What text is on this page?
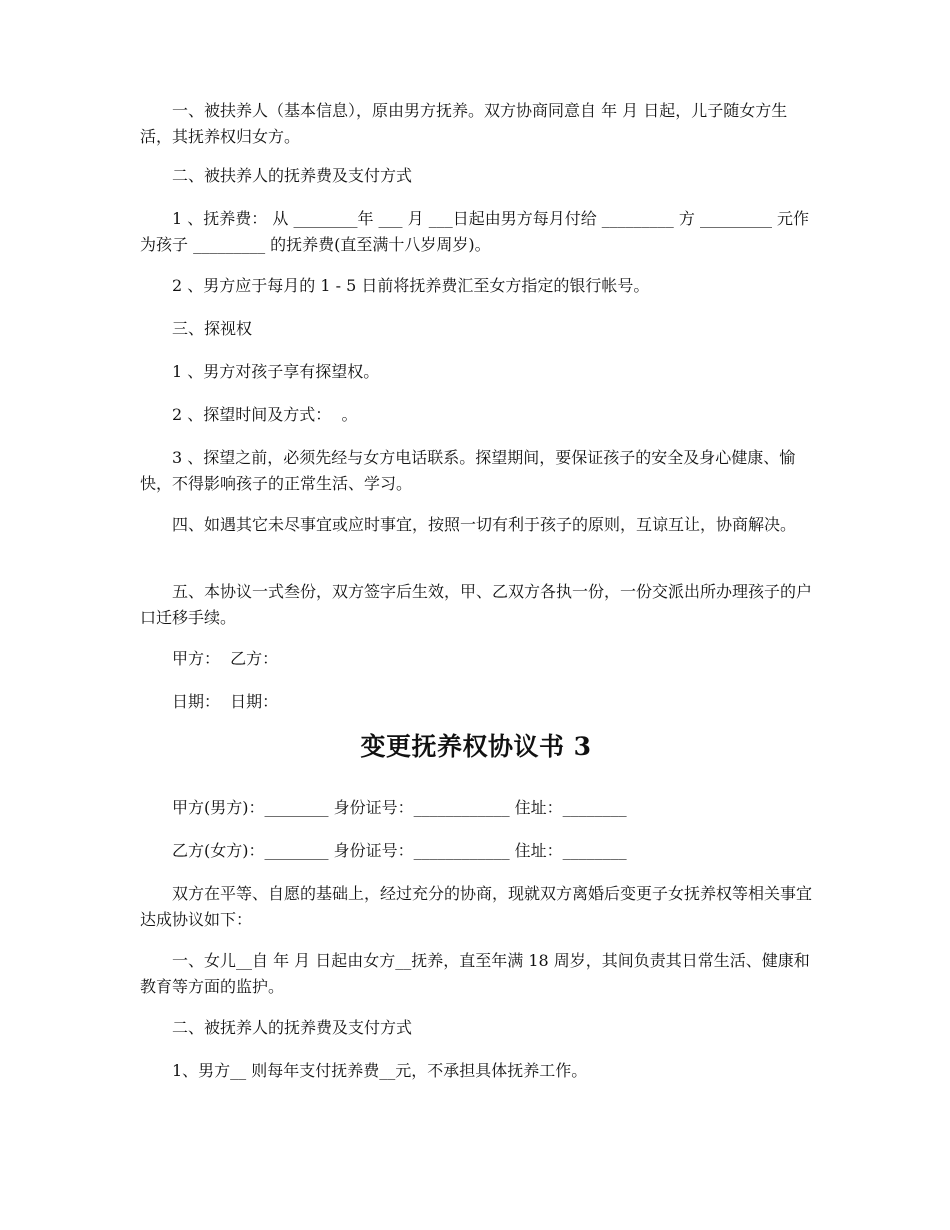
一、被扶养人（基本信息），原由男方抚养。双方协商同意自 年 月 日起，儿子随女方生活，其抚养权归女方。

二、被扶养人的抚养费及支付方式

1 、抚养费： 从 ________年 ___ 月 ___日起由男方每月付给 _________ 方 _________ 元作为孩子 _________ 的抚养费(直至满十八岁周岁)。

2 、男方应于每月的 1 - 5 日前将抚养费汇至女方指定的银行帐号。

三、探视权

1 、男方对孩子享有探望权。

2 、探望时间及方式：  。

3 、探望之前，必须先经与女方电话联系。探望期间，要保证孩子的安全及身心健康、愉快，不得影响孩子的正常生活、学习。

四、如遇其它未尽事宜或应时事宜，按照一切有利于孩子的原则，互谅互让，协商解决。

五、本协议一式叁份，双方签字后生效，甲、乙双方各执一份，一份交派出所办理孩子的户口迁移手续。

甲方：  乙方：

日期：  日期：

变更抚养权协议书 3

甲方(男方)：________ 身份证号：____________ 住址：________

乙方(女方)：________ 身份证号：____________ 住址：________

双方在平等、自愿的基础上，经过充分的协商，现就双方离婚后变更子女抚养权等相关事宜达成协议如下：

一、女儿__自 年 月 日起由女方__抚养，直至年满 18 周岁，其间负责其日常生活、健康和教育等方面的监护。

二、被抚养人的抚养费及支付方式

1、男方__ 则每年支付抚养费__元，不承担具体抚养工作。
